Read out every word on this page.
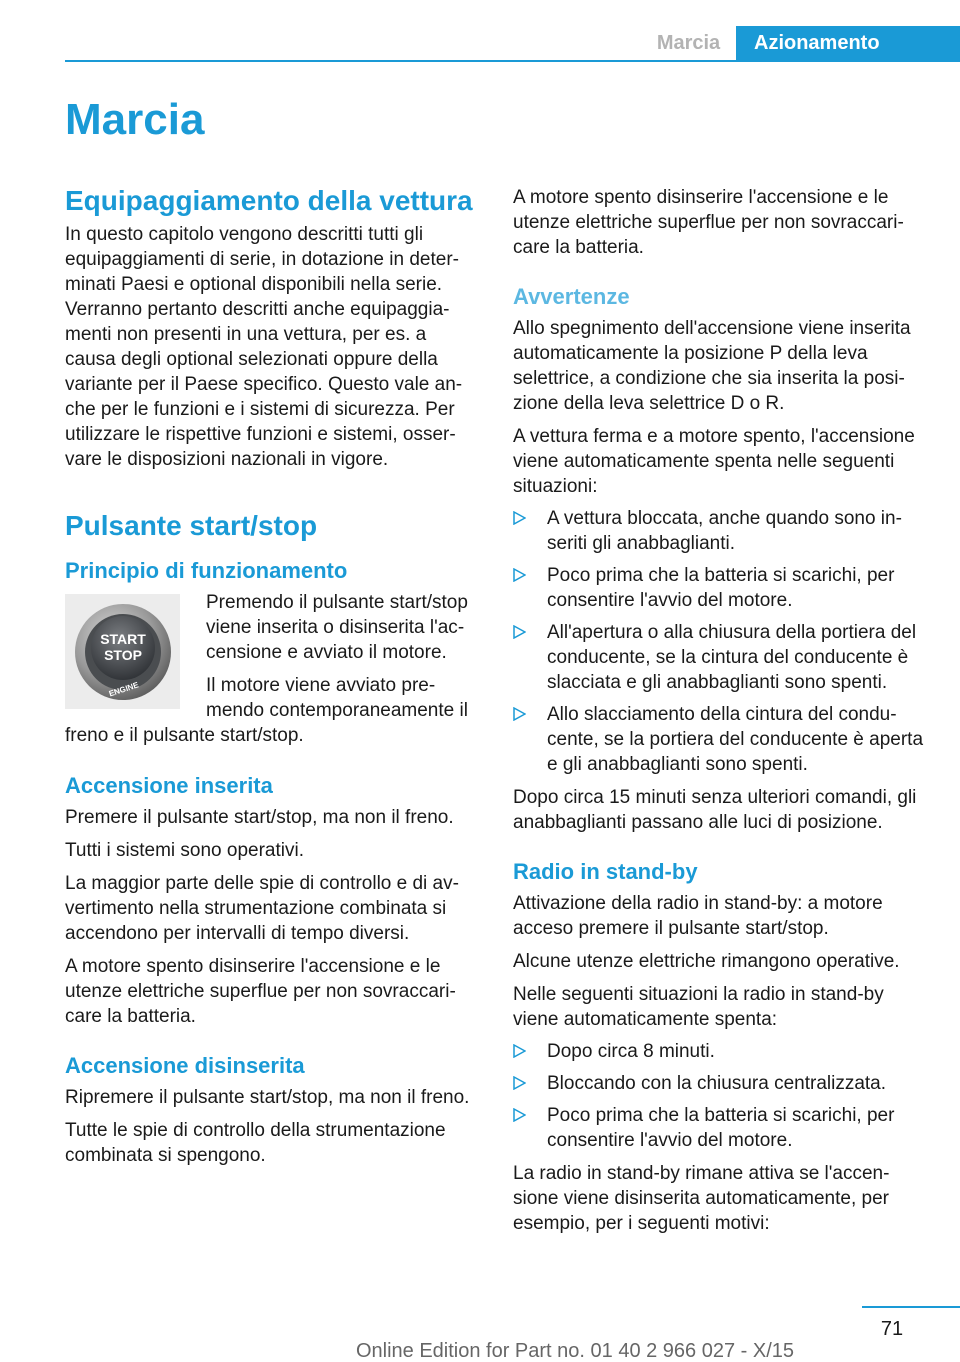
Marcia	Azionamento
Marcia
Equipaggiamento della vettura

In questo capitolo vengono descritti tutti gli equipaggiamenti di serie, in dotazione in determinati Paesi e optional disponibili nella serie. Verranno pertanto descritti anche equipaggiamenti non presenti in una vettura, per es. a causa degli optional selezionati oppure della variante per il Paese specifico. Questo vale anche per le funzioni e i sistemi di sicurezza. Per utilizzare le rispettive funzioni e sistemi, osservare le disposizioni nazionali in vigore.

Pulsante start/stop
Principio di funzionamento
START
STOP
ENGINE

Premendo il pulsante start/stop viene inserita o disinserita l'accensione e avviato il motore.

Il motore viene avviato premendo contemporaneamente il freno e il pulsante start/stop.

Accensione inserita

Premere il pulsante start/stop, ma non il freno.

Tutti i sistemi sono operativi.

La maggior parte delle spie di controllo e di avvertimento nella strumentazione combinata si accendono per intervalli di tempo diversi.

A motore spento disinserire l'accensione e le utenze elettriche superflue per non sovraccaricare la batteria.

Accensione disinserita

Ripremere il pulsante start/stop, ma non il freno.

Tutte le spie di controllo della strumentazione combinata si spengono.

A motore spento disinserire l'accensione e le utenze elettriche superflue per non sovraccaricare la batteria.

Avvertenze

Allo spegnimento dell'accensione viene inserita automaticamente la posizione P della leva selettrice, a condizione che sia inserita la posizione della leva selettrice D o R.

A vettura ferma e a motore spento, l'accensione viene automaticamente spenta nelle seguenti situazioni:

A vettura bloccata, anche quando sono inseriti gli anabbaglianti.
Poco prima che la batteria si scarichi, per consentire l'avvio del motore.
All'apertura o alla chiusura della portiera del conducente, se la cintura del conducente è slacciata e gli anabbaglianti sono spenti.
Allo slacciamento della cintura del conducente, se la portiera del conducente è aperta e gli anabbaglianti sono spenti.

Dopo circa 15 minuti senza ulteriori comandi, gli anabbaglianti passano alle luci di posizione.

Radio in stand-by

Attivazione della radio in stand-by: a motore acceso premere il pulsante start/stop.

Alcune utenze elettriche rimangono operative.

Nelle seguenti situazioni la radio in stand-by viene automaticamente spenta:

Dopo circa 8 minuti.
Bloccando con la chiusura centralizzata.
Poco prima che la batteria si scarichi, per consentire l'avvio del motore.

La radio in stand-by rimane attiva se l'accensione viene disinserita automaticamente, per esempio, per i seguenti motivi:

71
Online Edition for Part no. 01 40 2 966 027 - X/15
